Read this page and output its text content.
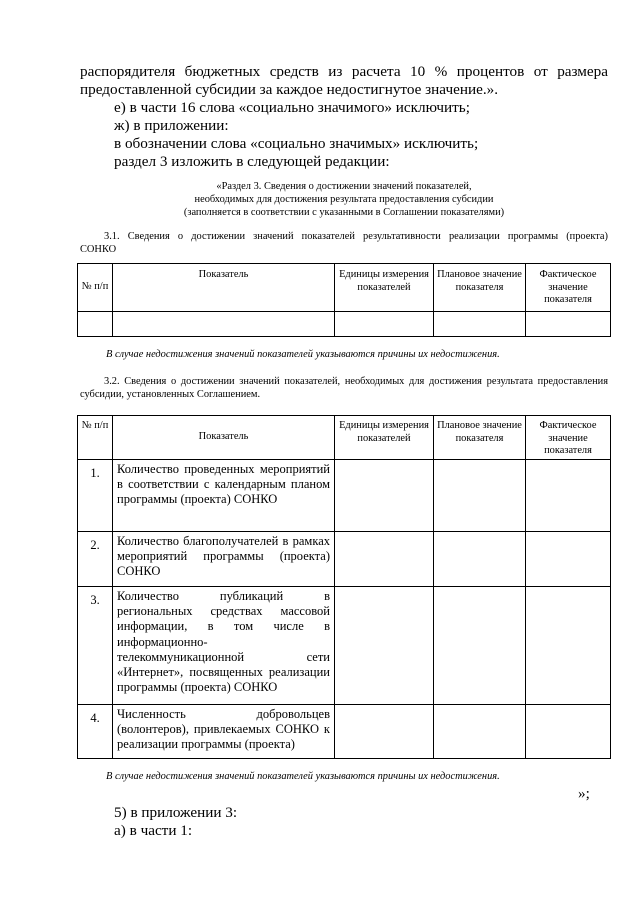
распорядителя бюджетных средств из расчета 10 % процентов от размера
предоставленной субсидии за каждое недостигнутое значение.».
е) в части 16 слова «социально значимого» исключить;
ж) в приложении:
в обозначении слова «социально значимых» исключить;
раздел 3 изложить в следующей редакции:
«Раздел 3. Сведения о достижении значений показателей,
необходимых для достижения результата предоставления субсидии
(заполняется в соответствии с указанными в Соглашении показателями)
3.1. Сведения о достижении значений показателей результативности реализации программы (проекта)
СОНКО
№ п/п	Показатель	Единицы измерения показателей	Плановое значение показателя	Фактическое значение показателя

В случае недостижения значений показателей указываются причины их недостижения.
3.2. Сведения о достижении значений показателей, необходимых для достижения результата предоставления
субсидии, установленных Соглашением.
№ п/п	Показатель	Единицы измерения показателей	Плановое значение показателя	Фактическое значение показателя
1.	Количество проведенных мероприятий в соответствии с календарным планом программы (проекта) СОНКО			
2.	Количество благополучателей в рамках мероприятий программы (проекта) СОНКО			
3.	Количество публикаций в региональных средствах массовой информации, в том числе в информационно-телекоммуникационной сети «Интернет», посвященных реализации программы (проекта) СОНКО			
4.	Численность добровольцев (волонтеров), привлекаемых СОНКО к реализации программы (проекта)			
В случае недостижения значений показателей указываются причины их недостижения.
»;
5) в приложении 3:
а) в части 1:
